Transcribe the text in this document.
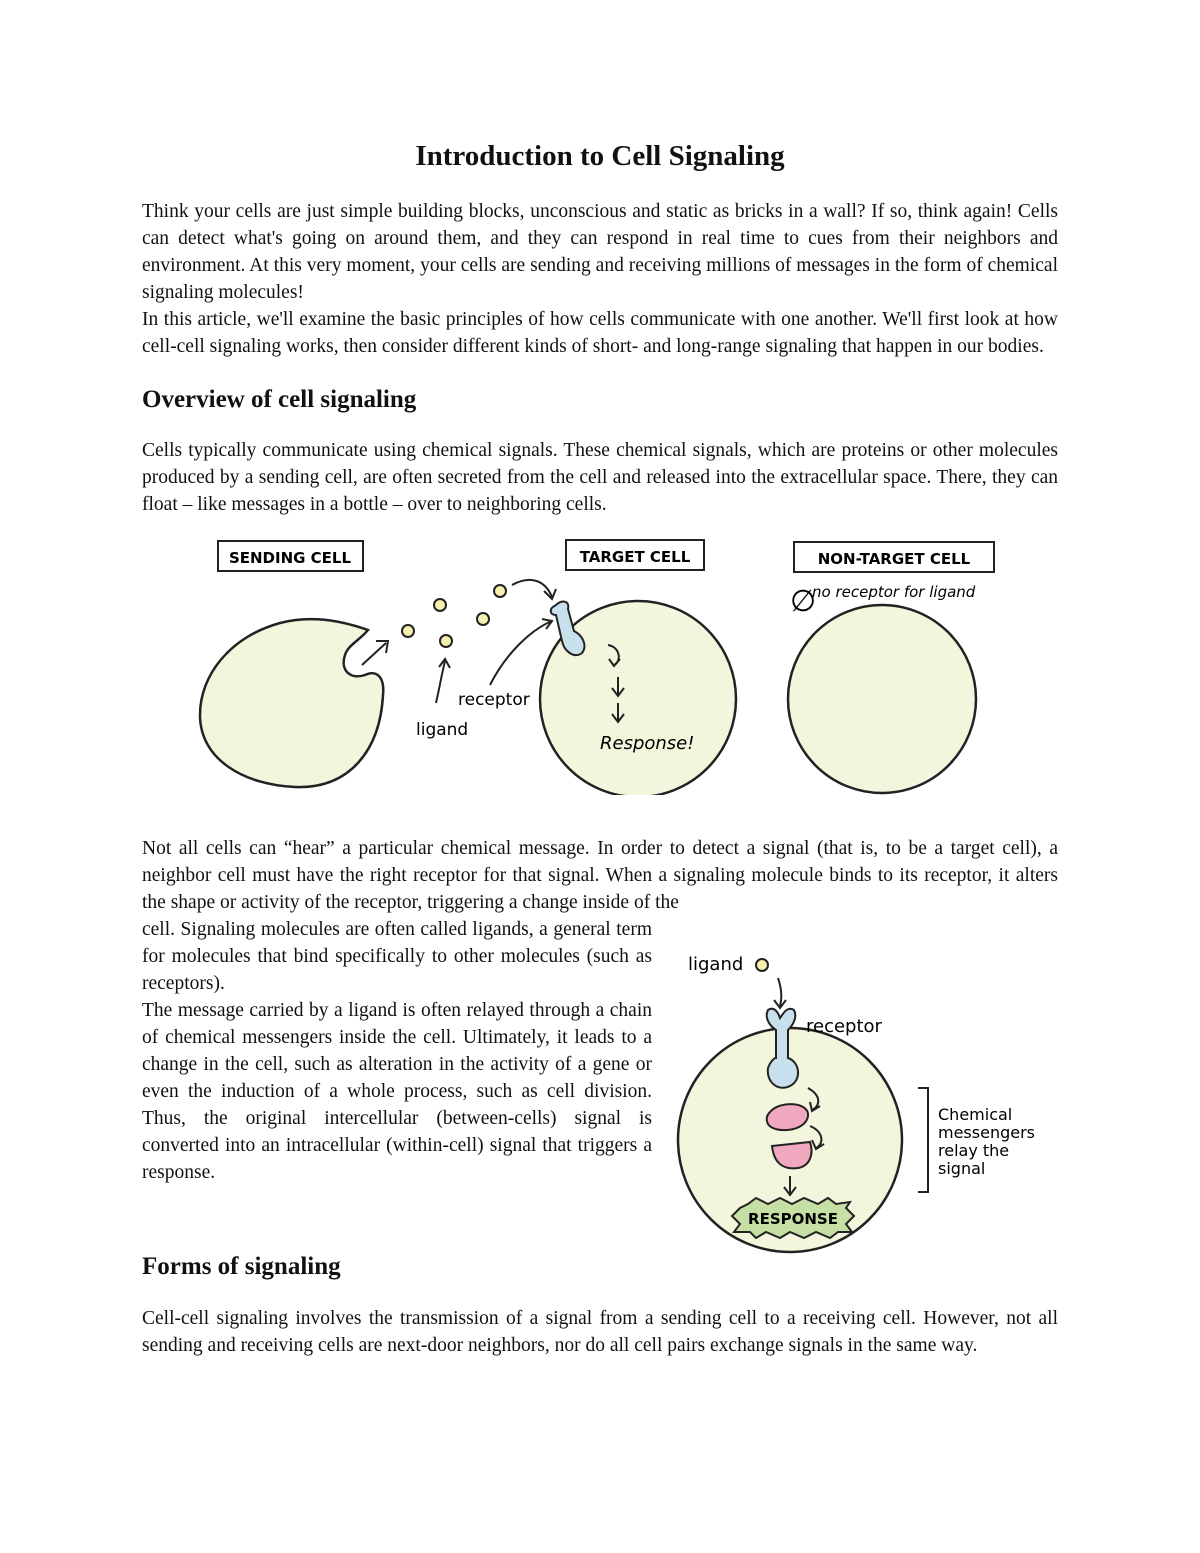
Introduction to Cell Signaling

Think your cells are just simple building blocks, unconscious and static as bricks in a wall? If so, think again! Cells can detect what's going on around them, and they can respond in real time to cues from their neighbors and environment. At this very moment, your cells are sending and receiving millions of messages in the form of chemical signaling molecules!

In this article, we'll examine the basic principles of how cells communicate with one another. We'll first look at how cell-cell signaling works, then consider different kinds of short- and long-range signaling that happen in our bodies.

Overview of cell signaling

Cells typically communicate using chemical signals. These chemical signals, which are proteins or other molecules produced by a sending cell, are often secreted from the cell and released into the extracellular space. There, they can float – like messages in a bottle – over to neighboring cells.

SENDING CELL	TARGET CELL	NON-TARGET CELL
Response!
ligand
receptor
∅
no receptor for ligand

Not all cells can “hear” a particular chemical message. In order to detect a signal (that is, to be a target cell), a neighbor cell must have the right receptor for that signal. When a signaling molecule binds to its receptor, it alters the shape or activity of the receptor, triggering a change inside of the

cell. Signaling molecules are often called ligands, a general term for molecules that bind specifically to other molecules (such as receptors).

The message carried by a ligand is often relayed through a chain of chemical messengers inside the cell. Ultimately, it leads to a change in the cell, such as alteration in the activity of a gene or even the induction of a whole process, such as cell division. Thus, the original intercellular (between-cells) signal is converted into an intracellular (within-cell) signal that triggers a response.

ligand
receptor
RESPONSE
Chemical messengers relay the signal
Forms of signaling

Cell-cell signaling involves the transmission of a signal from a sending cell to a receiving cell. However, not all sending and receiving cells are next-door neighbors, nor do all cell pairs exchange signals in the same way.
